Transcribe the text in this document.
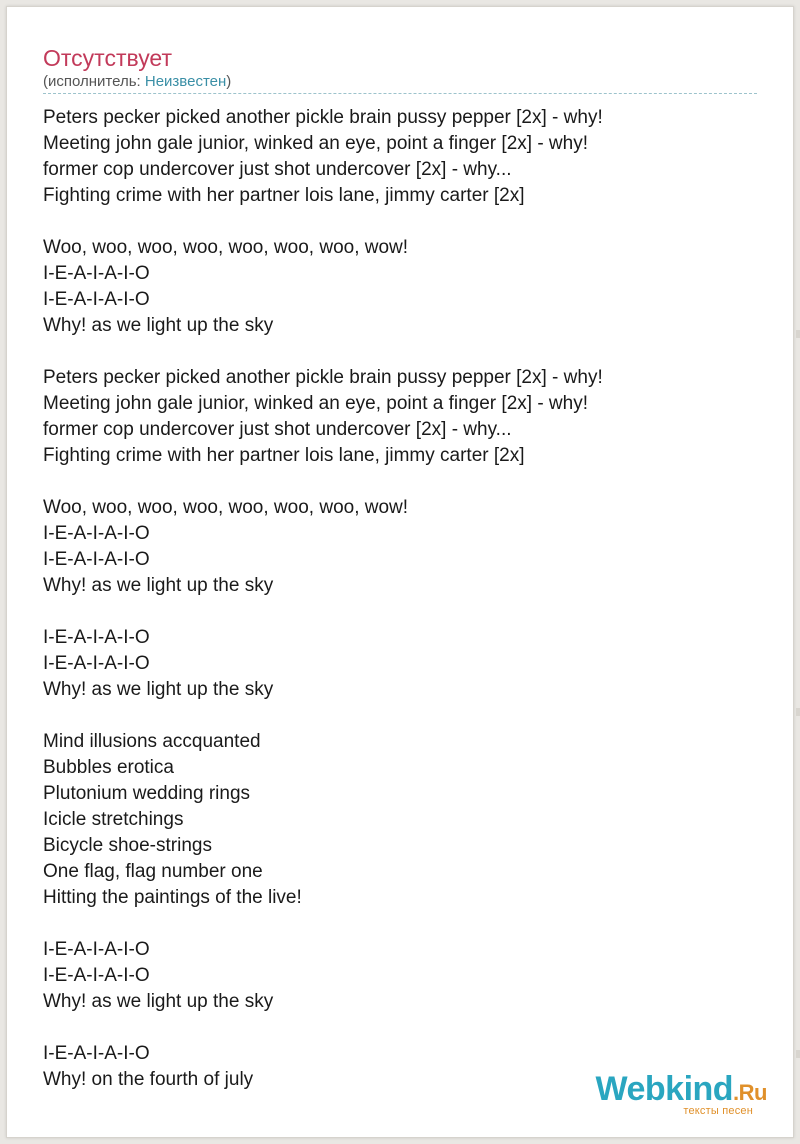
Отсутствует
(исполнитель: Неизвестен)
Peters pecker picked another pickle brain pussy pepper [2x] - why!
Meeting john gale junior, winked an eye, point a finger [2x] - why!
former cop undercover just shot undercover [2x] - why...
Fighting crime with her partner lois lane, jimmy carter [2x]
Woo, woo, woo, woo, woo, woo, woo, wow!
I-E-A-I-A-I-O
I-E-A-I-A-I-O
Why! as we light up the sky
Peters pecker picked another pickle brain pussy pepper [2x] - why!
Meeting john gale junior, winked an eye, point a finger [2x] - why!
former cop undercover just shot undercover [2x] - why...
Fighting crime with her partner lois lane, jimmy carter [2x]
Woo, woo, woo, woo, woo, woo, woo, wow!
I-E-A-I-A-I-O
I-E-A-I-A-I-O
Why! as we light up the sky
I-E-A-I-A-I-O
I-E-A-I-A-I-O
Why! as we light up the sky
Mind illusions accquanted
Bubbles erotica
Plutonium wedding rings
Icicle stretchings
Bicycle shoe-strings
One flag, flag number one
Hitting the paintings of the live!
I-E-A-I-A-I-O
I-E-A-I-A-I-O
Why! as we light up the sky
I-E-A-I-A-I-O
Why! on the fourth of july	Webkind.Ru
тексты песен
